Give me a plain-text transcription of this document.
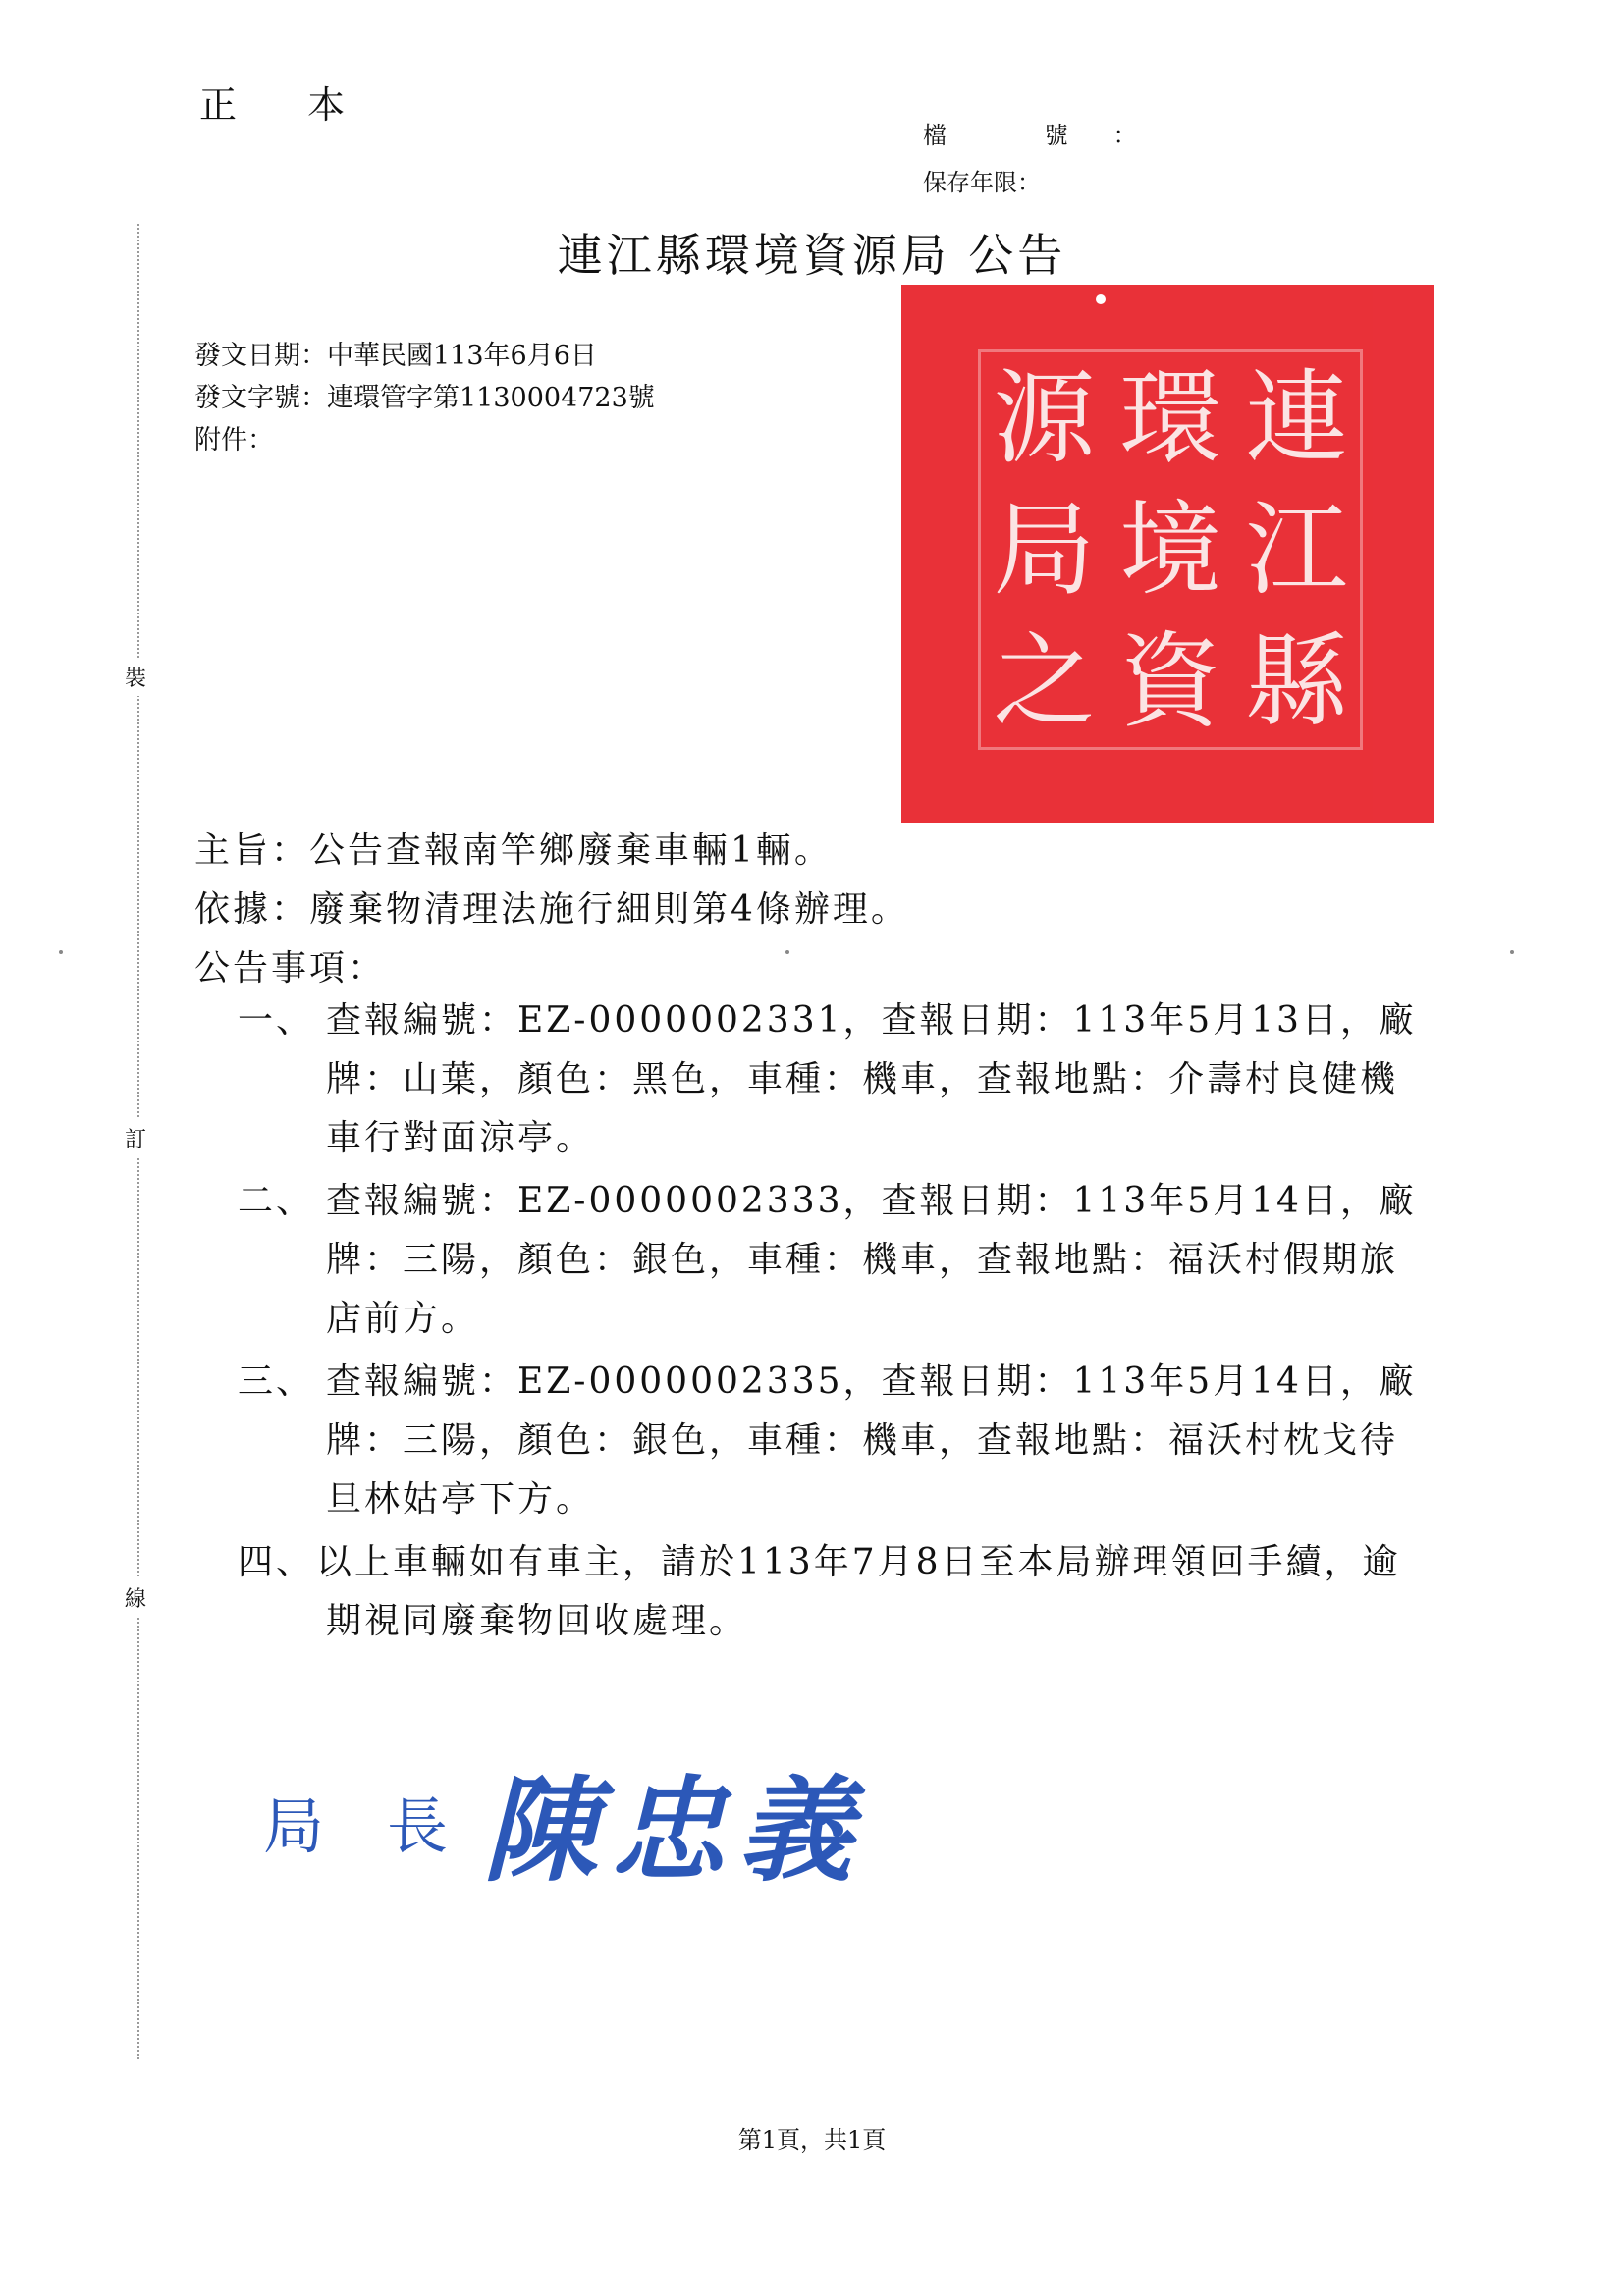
正 本
檔 號：
保存年限：
裝
訂
線
連江縣環境資源局 公告
發文日期：中華民國113年6月6日
發文字號：連環管字第1130004723號
附件：	源 環 連
局 境 江
之 資 縣
主旨：公告查報南竿鄉廢棄車輛1輛。
依據：廢棄物清理法施行細則第4條辦理。
公告事項：
一、 查報編號：EZ-0000002331，查報日期：113年5月13日，廠牌：山葉，顏色：黑色，車種：機車，查報地點：介壽村良健機車行對面涼亭。
二、 查報編號：EZ-0000002333，查報日期：113年5月14日，廠牌：三陽，顏色：銀色，車種：機車，查報地點：福沃村假期旅店前方。
三、 查報編號：EZ-0000002335，查報日期：113年5月14日，廠牌：三陽，顏色：銀色，車種：機車，查報地點：福沃村枕戈待旦林姑亭下方。
四、 以上車輛如有車主，請於113年7月8日至本局辦理領回手續，逾期視同廢棄物回收處理。
局長陳忠義
第1頁，共1頁
